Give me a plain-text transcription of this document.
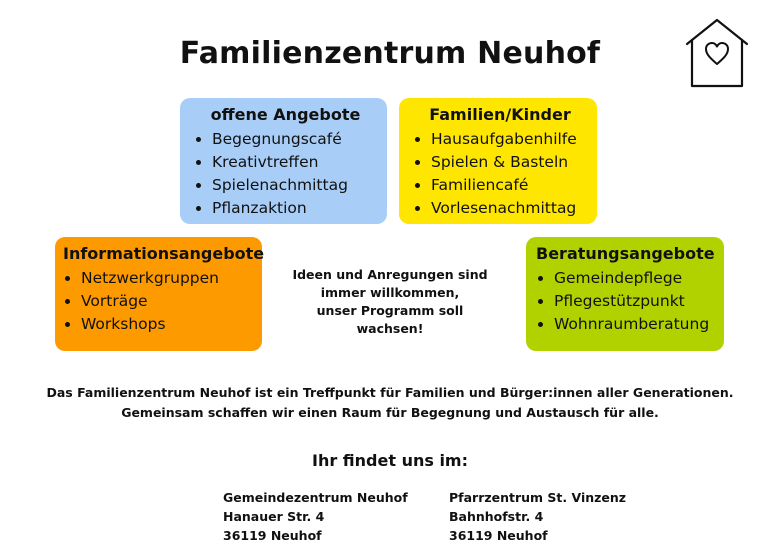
Familienzentrum Neuhof
offene Angebote
• Begegnungscafé
• Kreativtreffen
• Spielenachmittag
• Pflanzaktion
Familien/Kinder
• Hausaufgabenhilfe
• Spielen & Basteln
• Familiencafé
• Vorlesenachmittag
Informationsangebote
• Netzwerkgruppen
• Vorträge
• Workshops
Beratungsangebote
• Gemeindepflege
• Pflegestützpunkt
• Wohnraumberatung
Ideen und Anregungen sind
immer willkommen,
unser Programm soll
wachsen!
Das Familienzentrum Neuhof ist ein Treffpunkt für Familien und Bürger:innen aller Generationen.
Gemeinsam schaffen wir einen Raum für Begegnung und Austausch für alle.
Ihr findet uns im:
Gemeindezentrum Neuhof
Hanauer Str. 4
36119 Neuhof
Pfarrzentrum St. Vinzenz
Bahnhofstr. 4
36119 Neuhof
